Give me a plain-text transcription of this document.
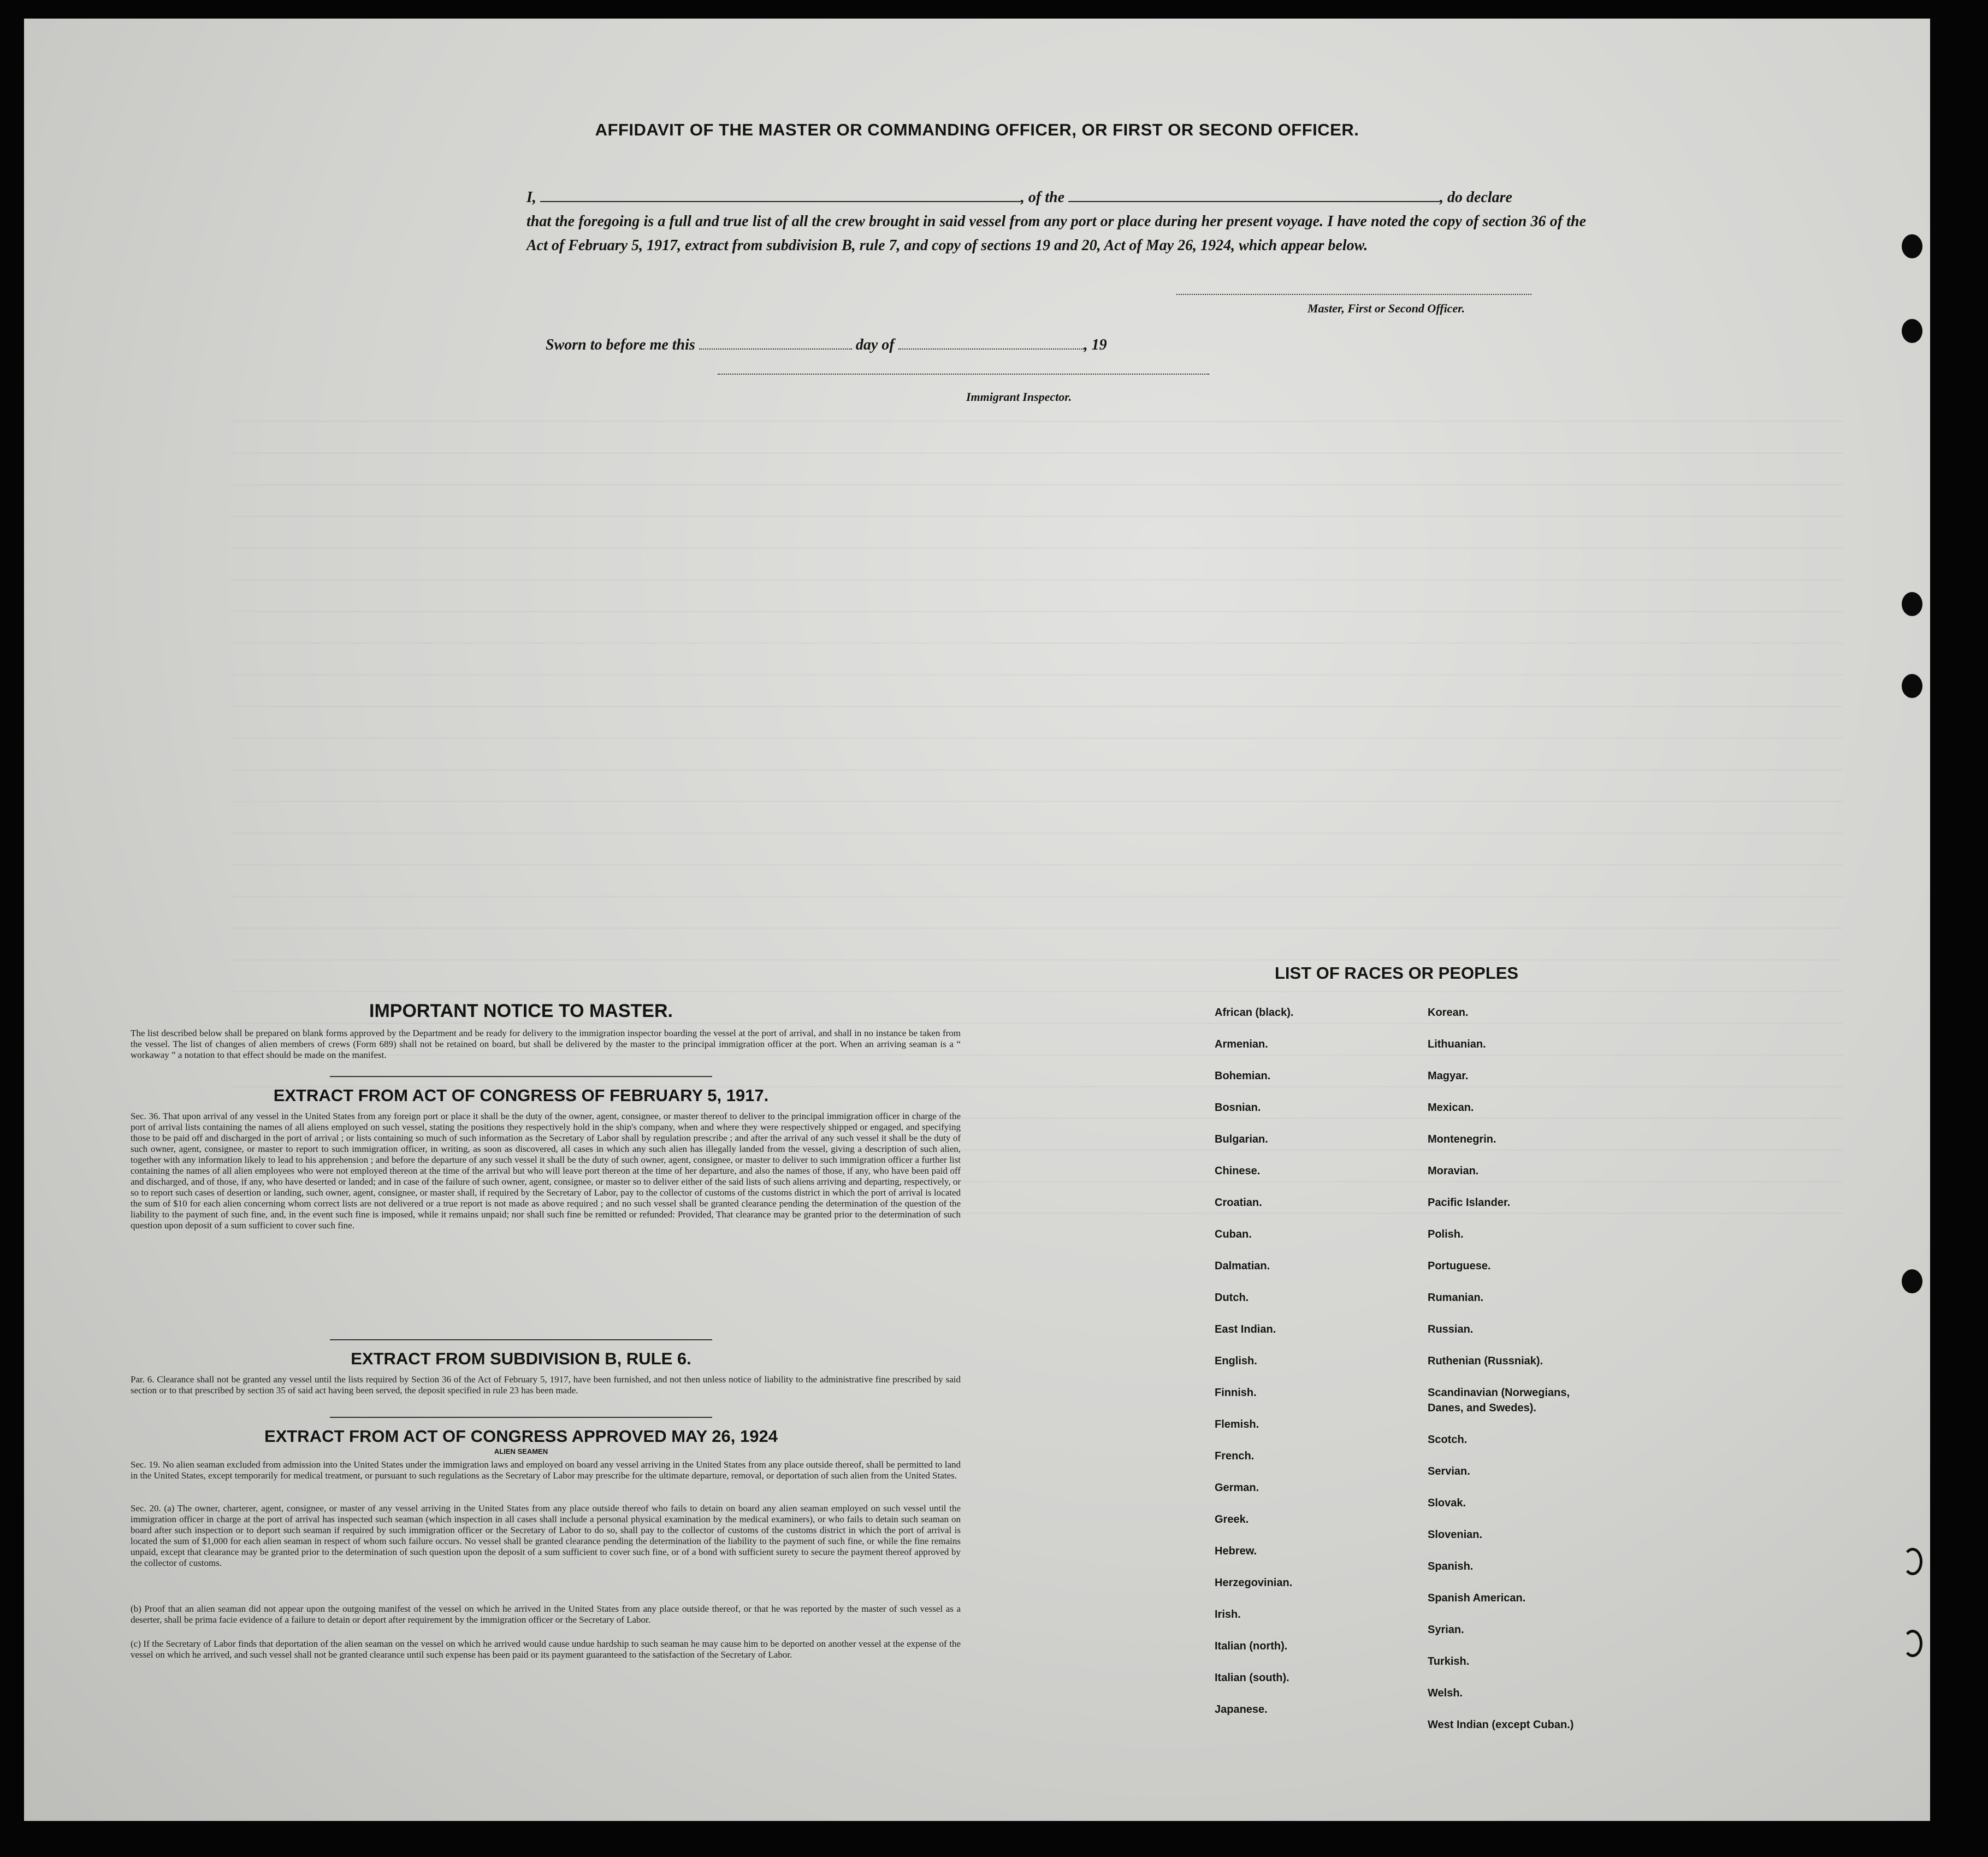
AFFIDAVIT OF THE MASTER OR COMMANDING OFFICER, OR FIRST OR SECOND OFFICER.
I,	, of the	, do declare
that the foregoing is a full and true list of all the crew brought in said vessel from any port or place during her present voyage. I have noted the copy of section 36 of the Act of February 5, 1917, extract from subdivision B, rule 7, and copy of sections 19 and 20, Act of May 26, 1924, which appear below.
Master, First or Second Officer.
Sworn to before me this	day of	, 19
Immigrant Inspector.
IMPORTANT NOTICE TO MASTER.
The list described below shall be prepared on blank forms approved by the Department and be ready for delivery to the immigration inspector boarding the vessel at the port of arrival, and shall in no instance be taken from the vessel. The list of changes of alien members of crews (Form 689) shall not be retained on board, but shall be delivered by the master to the principal immigration officer at the port. When an arriving seaman is a “ workaway ” a notation to that effect should be made on the manifest.
EXTRACT FROM ACT OF CONGRESS OF FEBRUARY 5, 1917.
Sec. 36. That upon arrival of any vessel in the United States from any foreign port or place it shall be the duty of the owner, agent, consignee, or master thereof to deliver to the principal immigration officer in charge of the port of arrival lists containing the names of all aliens employed on such vessel, stating the positions they respectively hold in the ship's company, when and where they were respectively shipped or engaged, and specifying those to be paid off and discharged in the port of arrival ; or lists containing so much of such information as the Secretary of Labor shall by regulation prescribe ; and after the arrival of any such vessel it shall be the duty of such owner, agent, consignee, or master to report to such immigration officer, in writing, as soon as discovered, all cases in which any such alien has illegally landed from the vessel, giving a description of such alien, together with any information likely to lead to his apprehension ; and before the departure of any such vessel it shall be the duty of such owner, agent, consignee, or master to deliver to such immigration officer a further list containing the names of all alien employees who were not employed thereon at the time of the arrival but who will leave port thereon at the time of her departure, and also the names of those, if any, who have been paid off and discharged, and of those, if any, who have deserted or landed; and in case of the failure of such owner, agent, consignee, or master so to deliver either of the said lists of such aliens arriving and departing, respectively, or so to report such cases of desertion or landing, such owner, agent, consignee, or master shall, if required by the Secretary of Labor, pay to the collector of customs of the customs district in which the port of arrival is located the sum of $10 for each alien concerning whom correct lists are not delivered or a true report is not made as above required ; and no such vessel shall be granted clearance pending the determination of the question of the liability to the payment of such fine, and, in the event such fine is imposed, while it remains unpaid; nor shall such fine be remitted or refunded: Provided, That clearance may be granted prior to the determination of such question upon deposit of a sum sufficient to cover such fine.
EXTRACT FROM SUBDIVISION B, RULE 6.
Par. 6. Clearance shall not be granted any vessel until the lists required by Section 36 of the Act of February 5, 1917, have been furnished, and not then unless notice of liability to the administrative fine prescribed by said section or to that prescribed by section 35 of said act having been served, the deposit specified in rule 23 has been made.
EXTRACT FROM ACT OF CONGRESS APPROVED MAY 26, 1924
ALIEN SEAMEN
Sec. 19. No alien seaman excluded from admission into the United States under the immigration laws and employed on board any vessel arriving in the United States from any place outside thereof, shall be permitted to land in the United States, except temporarily for medical treatment, or pursuant to such regulations as the Secretary of Labor may prescribe for the ultimate departure, removal, or deportation of such alien from the United States.
Sec. 20. (a) The owner, charterer, agent, consignee, or master of any vessel arriving in the United States from any place outside thereof who fails to detain on board any alien seaman employed on such vessel until the immigration officer in charge at the port of arrival has inspected such seaman (which inspection in all cases shall include a personal physical examination by the medical examiners), or who fails to detain such seaman on board after such inspection or to deport such seaman if required by such immigration officer or the Secretary of Labor to do so, shall pay to the collector of customs of the customs district in which the port of arrival is located the sum of $1,000 for each alien seaman in respect of whom such failure occurs. No vessel shall be granted clearance pending the determination of the liability to the payment of such fine, or while the fine remains unpaid, except that clearance may be granted prior to the determination of such question upon the deposit of a sum sufficient to cover such fine, or of a bond with sufficient surety to secure the payment thereof approved by the collector of customs.
(b) Proof that an alien seaman did not appear upon the outgoing manifest of the vessel on which he arrived in the United States from any place outside thereof, or that he was reported by the master of such vessel as a deserter, shall be prima facie evidence of a failure to detain or deport after requirement by the immigration officer or the Secretary of Labor.
(c) If the Secretary of Labor finds that deportation of the alien seaman on the vessel on which he arrived would cause undue hardship to such seaman he may cause him to be deported on another vessel at the expense of the vessel on which he arrived, and such vessel shall not be granted clearance until such expense has been paid or its payment guaranteed to the satisfaction of the Secretary of Labor.
LIST OF RACES OR PEOPLES
African (black).
Armenian.
Bohemian.
Bosnian.
Bulgarian.
Chinese.
Croatian.
Cuban.
Dalmatian.
Dutch.
East Indian.
English.
Finnish.
Flemish.
French.
German.
Greek.
Hebrew.
Herzegovinian.
Irish.
Italian (north).
Italian (south).
Japanese.
Korean.
Lithuanian.
Magyar.
Mexican.
Montenegrin.
Moravian.
Pacific Islander.
Polish.
Portuguese.
Rumanian.
Russian.
Ruthenian (Russniak).
Scandinavian (Norwegians,
Danes, and Swedes).
Scotch.
Servian.
Slovak.
Slovenian.
Spanish.
Spanish American.
Syrian.
Turkish.
Welsh.
West Indian (except Cuban.)
